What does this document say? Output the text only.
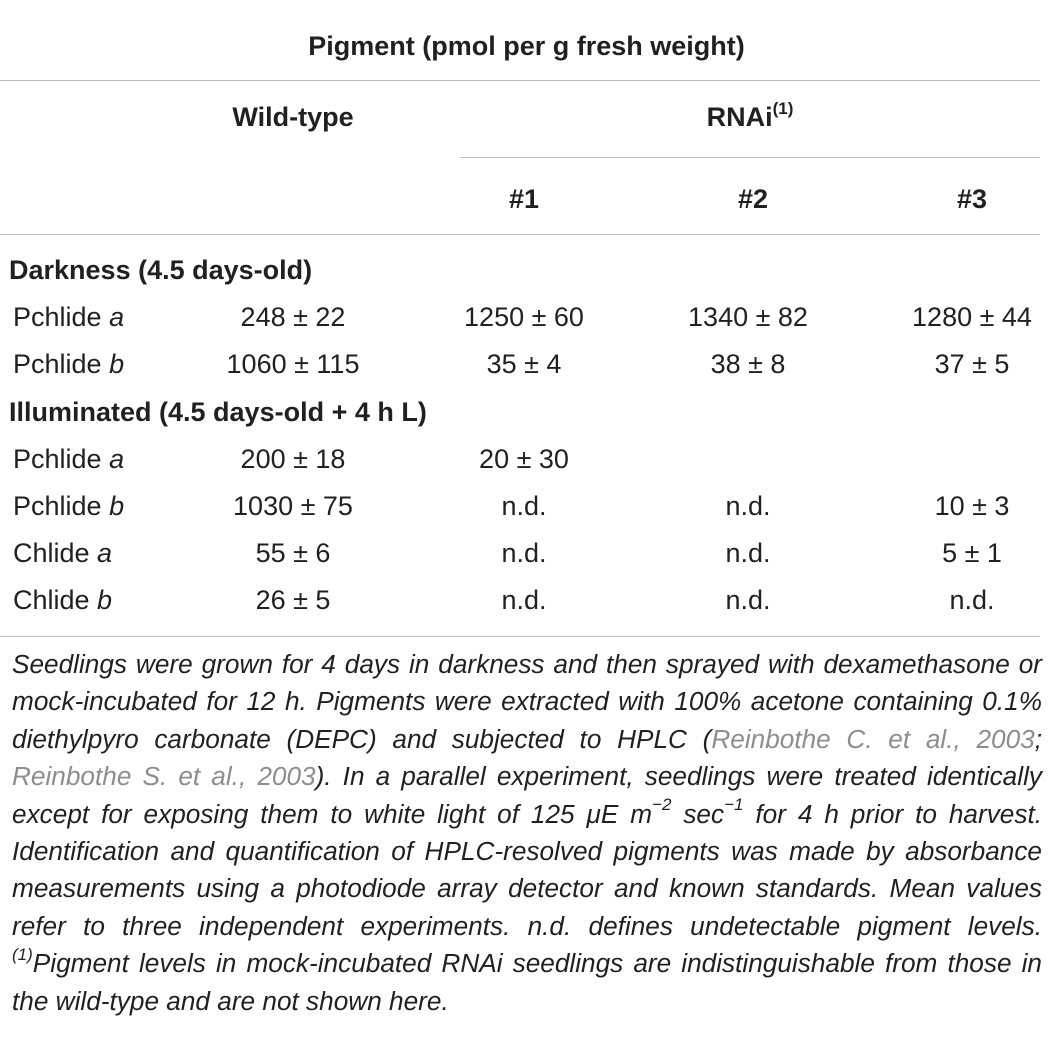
Pigment (pmol per g fresh weight)
Wild-type	RNAi$^{(1)}$
#1	#2	#3
Darkness (4.5 days-old)
Pchlide a	248 ± 22	1250 ± 60	1340 ± 82	1280 ± 44
Pchlide b	1060 ± 115	35 ± 4	38 ± 8	37 ± 5
Illuminated (4.5 days-old + 4 h L)
Pchlide a	200 ± 18	20 ± 30
Pchlide b	1030 ± 75	n.d.	n.d.	10 ± 3
Chlide a	55 ± 6	n.d.	n.d.	5 ± 1
Chlide b	26 ± 5	n.d.	n.d.	n.d.
Seedlings were grown for 4 days in darkness and then sprayed with dexamethasone or mock-incubated for 12 h. Pigments were extracted with 100% acetone containing 0.1% diethylpyro carbonate (DEPC) and subjected to HPLC (Reinbothe C. et al., 2003; Reinbothe S. et al., 2003). In a parallel experiment, seedlings were treated identically except for exposing them to white light of 125 μE $m^{-2}$ $\sec^{-1}$ for 4 h prior to harvest. Identification and quantification of HPLC-resolved pigments was made by absorbance measurements using a photodiode array detector and known standards. Mean values refer to three independent experiments. n.d. defines undetectable pigment levels. $^{(1)}$Pigment levels in mock-incubated RNAi seedlings are indistinguishable from those in the wild-type and are not shown here.
